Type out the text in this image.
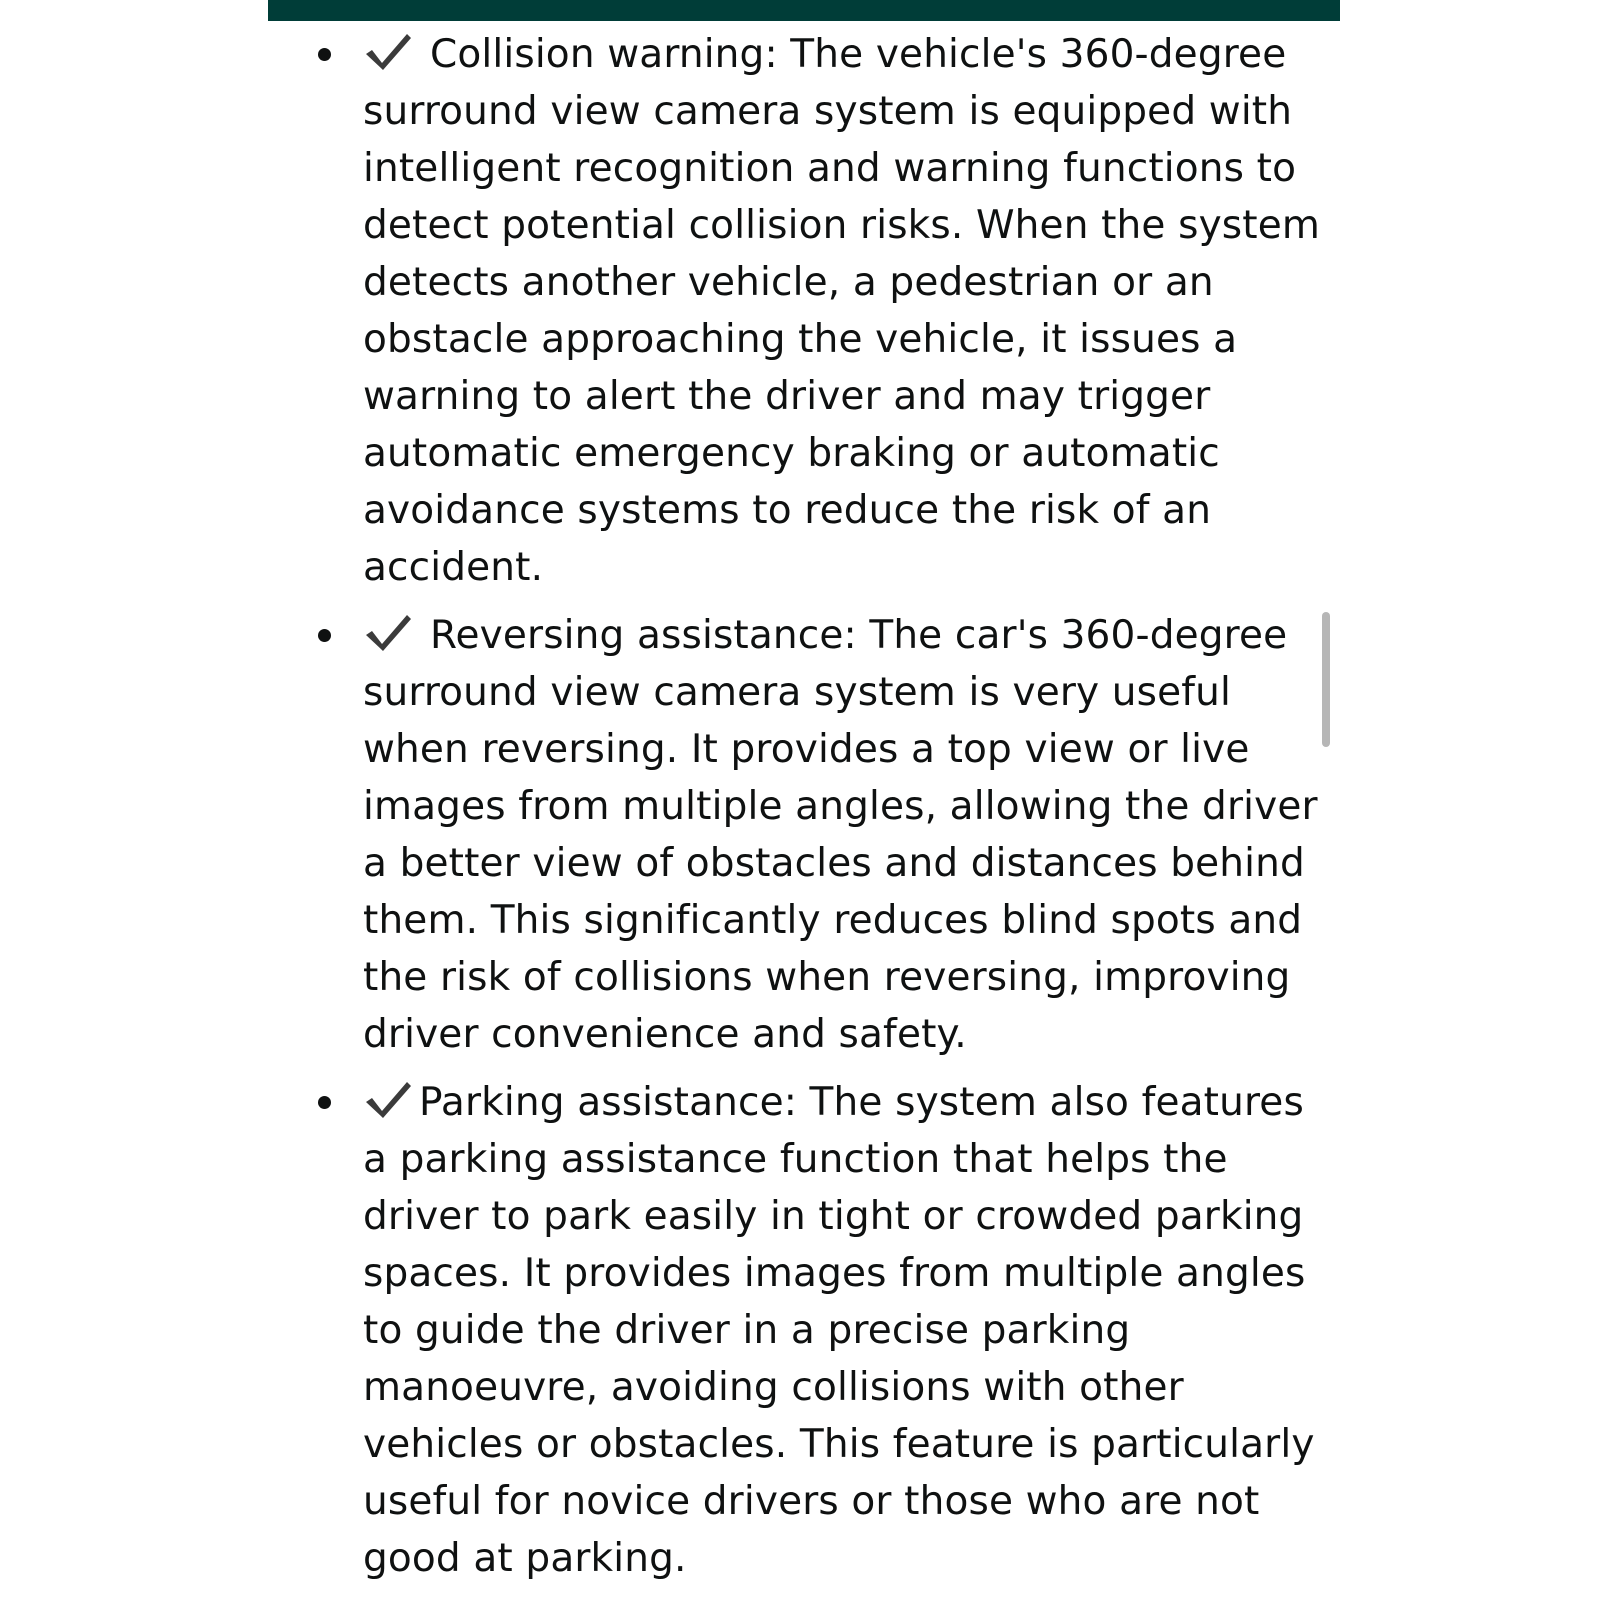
Collision warning: The vehicle's 360-degree surround view camera system is equipped with intelligent recognition and warning functions to detect potential collision risks. When the system detects another vehicle, a pedestrian or an obstacle approaching the vehicle, it issues a warning to alert the driver and may trigger automatic emergency braking or automatic avoidance systems to reduce the risk of an accident.
Reversing assistance: The car's 360-degree surround view camera system is very useful when reversing. It provides a top view or live images from multiple angles, allowing the driver a better view of obstacles and distances behind them. This significantly reduces blind spots and the risk of collisions when reversing, improving driver convenience and safety.
Parking assistance: The system also features a parking assistance function that helps the driver to park easily in tight or crowded parking spaces. It provides images from multiple angles to guide the driver in a precise parking manoeuvre, avoiding collisions with other vehicles or obstacles. This feature is particularly useful for novice drivers or those who are not good at parking.
